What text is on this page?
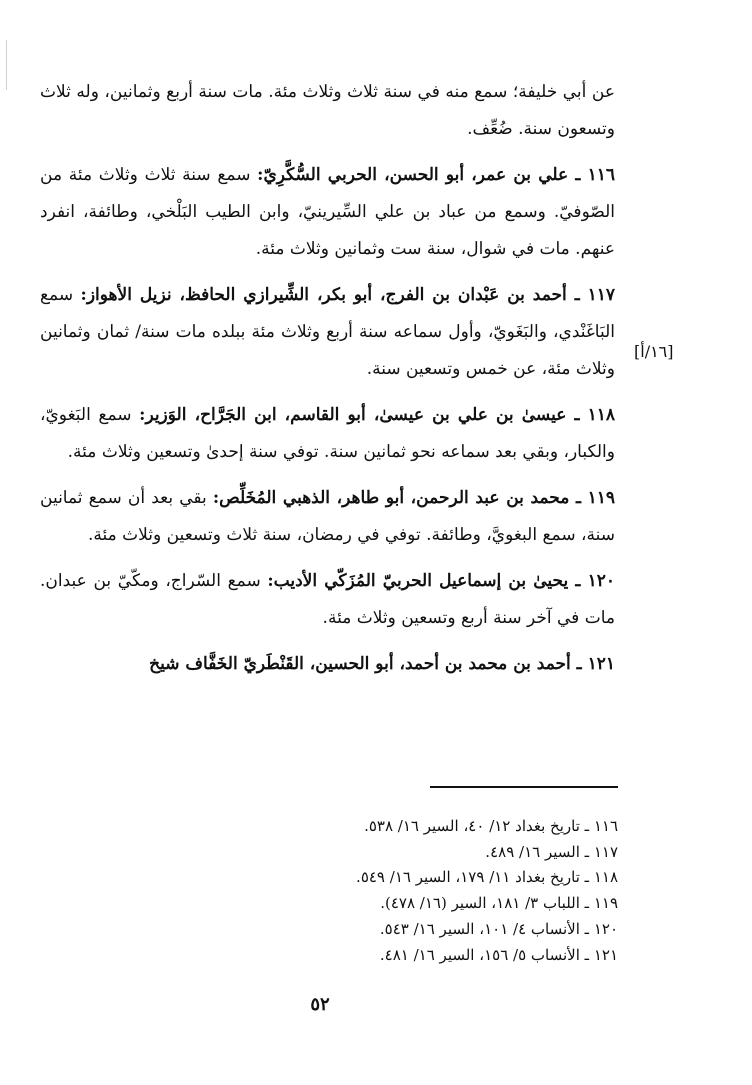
عن أبي خليفة؛ سمع منه في سنة ثلاث وثلاث مئة. مات سنة أربع وثمانين، وله ثلاث وتسعون سنة. ضُعِّف.

١١٦ ـ علي بن عمر، أبو الحسن، الحربي السُّكَّرِيّ: سمع سنة ثلاث وثلاث مئة من الصّوفيّ. وسمع من عباد بن علي السِّيرينيّ، وابن الطيب البَلْخي، وطائفة، انفرد عنهم. مات في شوال، سنة ست وثمانين وثلاث مئة.

١١٧ ـ أحمد بن عَبْدان بن الفرج، أبو بكر، الشِّيرازي الحافظ، نزيل الأهواز: سمع البَاغَنْدي، والبَغَويّ، وأول سماعه سنة أربع وثلاث مئة ببلده مات سنة/ ثمان وثمانين وثلاث مئة، عن خمس وتسعين سنة.

١١٨ ـ عيسىٰ بن علي بن عيسىٰ، أبو القاسم، ابن الجَرَّاح، الوَزير: سمع البَغويّ، والكبار، وبقي بعد سماعه نحو ثمانين سنة. توفي سنة إحدىٰ وتسعين وثلاث مئة.

١١٩ ـ محمد بن عبد الرحمن، أبو طاهر، الذهبي المُخَلِّص: بقي بعد أن سمع ثمانين سنة، سمع البغويَّ، وطائفة. توفي في رمضان، سنة ثلاث وتسعين وثلاث مئة.

١٢٠ ـ يحيىٰ بن إسماعيل الحربيّ المُزَكّي الأديب: سمع السّراج، ومكّيّ بن عبدان. مات في آخر سنة أربع وتسعين وثلاث مئة.

١٢١ ـ أحمد بن محمد بن أحمد، أبو الحسين، القَنْطَريّ الخَفَّاف شيخ

[١٦/أ]
١١٦ ـ تاريخ بغداد ١٢/ ٤٠، السير ١٦/ ٥٣٨.
١١٧ ـ السير ١٦/ ٤٨٩.
١١٨ ـ تاريخ بغداد ١١/ ١٧٩، السير ١٦/ ٥٤٩.
١١٩ ـ اللباب ٣/ ١٨١، السير (١٦/ ٤٧٨).
١٢٠ ـ الأنساب ٤/ ١٠١، السير ١٦/ ٥٤٣.
١٢١ ـ الأنساب ٥/ ١٥٦، السير ١٦/ ٤٨١.
٥٢
